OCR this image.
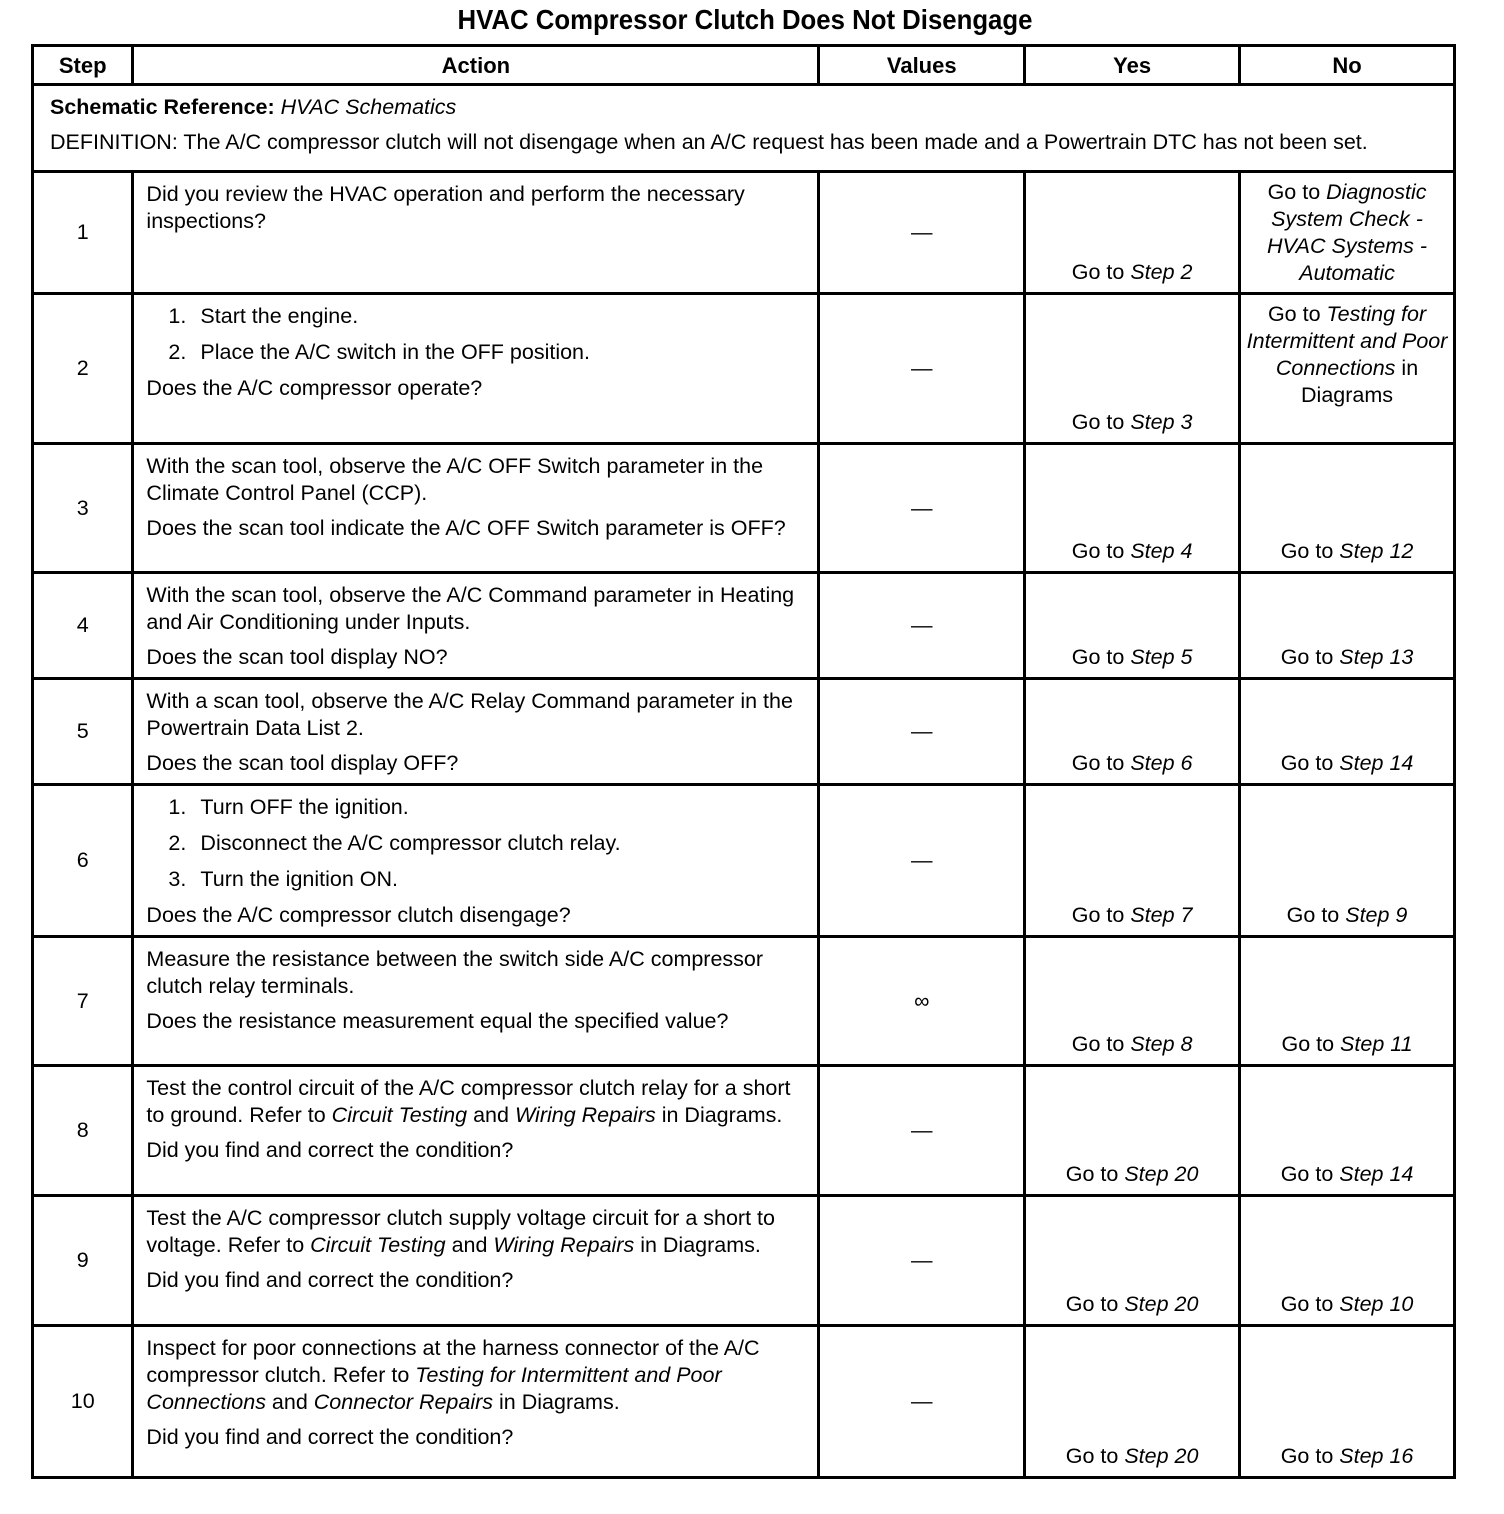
HVAC Compressor Clutch Does Not Disengage
Step	Action	Values	Yes	No

Schematic Reference: HVAC Schematics

DEFINITION: The A/C compressor clutch will not disengage when an A/C request has been made and a Powertrain DTC has not been set.				

1	Did you review the HVAC operation and perform the necessary inspections?	—	Go to Step 2	Go to Diagnostic System Check - HVAC Systems - Automatic
2	1. Start the engine.
2. Place the A/C switch in the OFF position.
Does the A/C compressor operate?	—	Go to Step 3	Go to Testing for Intermittent and Poor Connections in Diagrams
3	With the scan tool, observe the A/C OFF Switch parameter in the Climate Control Panel (CCP).
Does the scan tool indicate the A/C OFF Switch parameter is OFF?	—	Go to Step 4	Go to Step 12
4	With the scan tool, observe the A/C Command parameter in Heating and Air Conditioning under Inputs.
Does the scan tool display NO?	—	Go to Step 5	Go to Step 13
5	With a scan tool, observe the A/C Relay Command parameter in the Powertrain Data List 2.
Does the scan tool display OFF?	—	Go to Step 6	Go to Step 14
6	1. Turn OFF the ignition.
2. Disconnect the A/C compressor clutch relay.
3. Turn the ignition ON.
Does the A/C compressor clutch disengage?	—	Go to Step 7	Go to Step 9
7	Measure the resistance between the switch side A/C compressor clutch relay terminals.
Does the resistance measurement equal the specified value?	∞	Go to Step 8	Go to Step 11
8	Test the control circuit of the A/C compressor clutch relay for a short to ground. Refer to Circuit Testing and Wiring Repairs in Diagrams.
Did you find and correct the condition?	—	Go to Step 20	Go to Step 14
9	Test the A/C compressor clutch supply voltage circuit for a short to voltage. Refer to Circuit Testing and Wiring Repairs in Diagrams.
Did you find and correct the condition?	—	Go to Step 20	Go to Step 10
10	Inspect for poor connections at the harness connector of the A/C compressor clutch. Refer to Testing for Intermittent and Poor Connections and Connector Repairs in Diagrams.
Did you find and correct the condition?	—	Go to Step 20	Go to Step 16
